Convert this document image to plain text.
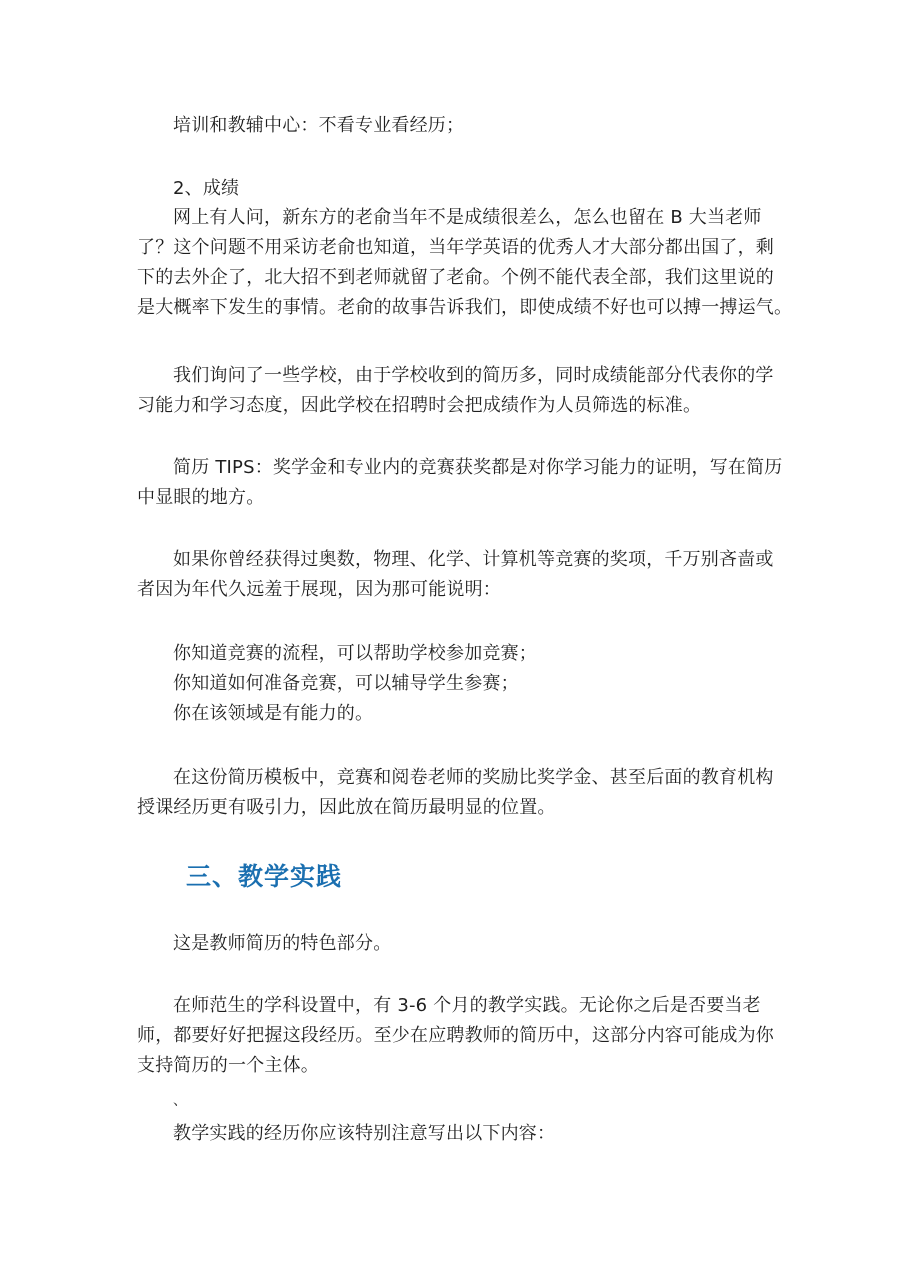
培训和教辅中心：不看专业看经历；
2、成绩
网上有人问，新东方的老俞当年不是成绩很差么，怎么也留在 B 大当老师
了？这个问题不用采访老俞也知道，当年学英语的优秀人才大部分都出国了，剩
下的去外企了，北大招不到老师就留了老俞。个例不能代表全部，我们这里说的
是大概率下发生的事情。老俞的故事告诉我们，即使成绩不好也可以搏一搏运气。
我们询问了一些学校，由于学校收到的简历多，同时成绩能部分代表你的学
习能力和学习态度，因此学校在招聘时会把成绩作为人员筛选的标准。
简历 TIPS：奖学金和专业内的竞赛获奖都是对你学习能力的证明，写在简历
中显眼的地方。
如果你曾经获得过奥数，物理、化学、计算机等竞赛的奖项，千万别吝啬或
者因为年代久远羞于展现，因为那可能说明：
你知道竞赛的流程，可以帮助学校参加竞赛；
你知道如何准备竞赛，可以辅导学生参赛；
你在该领域是有能力的。
在这份简历模板中，竞赛和阅卷老师的奖励比奖学金、甚至后面的教育机构
授课经历更有吸引力，因此放在简历最明显的位置。
三、教学实践
这是教师简历的特色部分。
在师范生的学科设置中，有 3-6 个月的教学实践。无论你之后是否要当老
师，都要好好把握这段经历。至少在应聘教师的简历中，这部分内容可能成为你
支持简历的一个主体。
、
教学实践的经历你应该特别注意写出以下内容：
